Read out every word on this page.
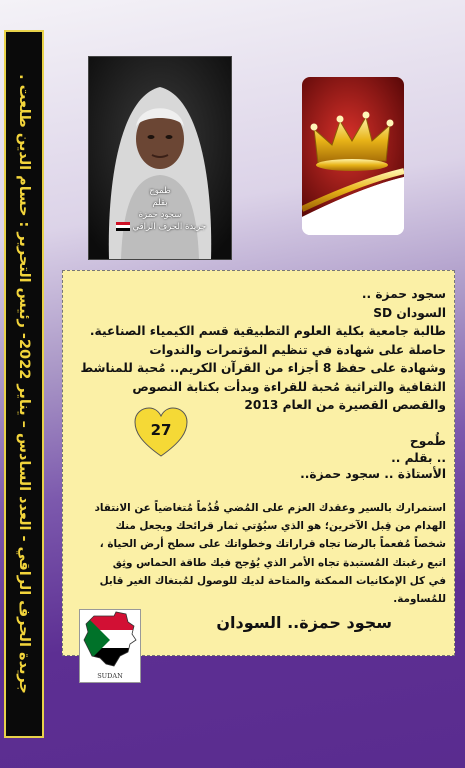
جريدة الحرف الراقي - العدد السادس – يناير 2022- رئيس التحرير : حسام الدين طلعت .
طموح
بقلم
سجود حمزة
جريدة الحرف الراقي
سجود حمزة ..
السودان SD
طالبة جامعية بكلية العلوم التطبيقية قسم الكيمياء الصناعية.
حاصلة على شهادة في تنظيم المؤتمرات والندوات
وشهادة على حفظ 8 أجزاء من القرآن الكريم.. مُحبة للمناشط
الثقافية والتراثية مُحبة للقراءة وبدأت بكتابة النصوص
والقصص القصيرة من العام 2013
27
طُموح
.. بقلم ..
الأستاذة .. سجود حمزة..
استمرارك بالسير وعقدك العزم على المُضي قُدُماً مُتغاضياً عن الانتقاد
الهدام من قِبل الآخرين؛ هو الذي سيُؤتي ثمار قرائحك ويجعل منك
شخصاً مُفعماً بالرضا تجاه قراراتك وخطواتك على سطح أرض الحياة ،
اتبع رغبتك المُستبدة تجاه الأمر الذي يُؤجج فيك طاقة الحماس وثِق
في كل الإمكانيات الممكنة والمتاحة لديك للوصول لمُبتغاك الغير قابل
للمُساومة.
سجود حمزة.. السودان
SUDAN
